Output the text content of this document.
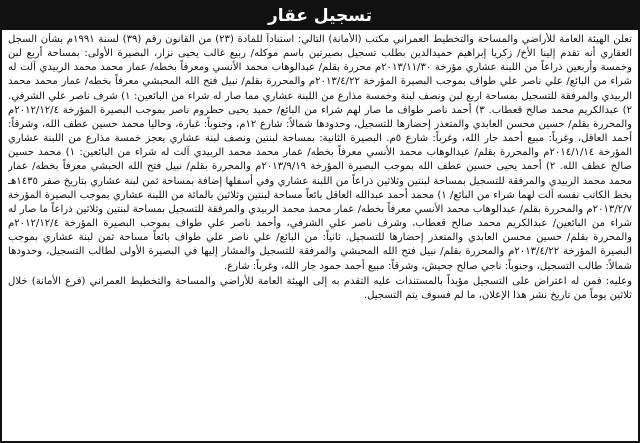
تسجيل عقار

تعلن الهيئة العامة للأراضي والمساحة والتخطيط العمراني مكتب (الأمانة) التالي: استناداً للمادة (٢٣) من القانون رقم (٣٩) لسنة ١٩٩١م بشأن السجل العقاري أنه تقدم إلينا الأخ/ زكريا إبراهيم حميدالدين بطلب تسجيل بصيرتين باسم موكله/ ربيع غالب يحيى نزار، البصيرة الأولى: بمساحة أربع لبن وخمسة وأربعين ذراعاً من اللبنة عشاري مؤرخة ٢٠١٣/١١/٣٠م محررة بقلم/ عبدالوهاب محمد الأنسي ومعرفاً بخطه/ عمار محمد محمد الربيدي آلت له شراء من البائع/ علي ناصر علي طواف بموجب البصيرة المؤرخة ٢٠١٣/٤/٢٢م والمحررة بقلم/ نبيل فتح الله المحبشي معرفاً بخطه/ عمار محمد محمد الربيدي والمرفقة للتسجيل بمساحة اربع لبن ونصف لبنة وخمسة مذارع من اللبنة عشاري مما صار له شراء من البائعين: ١) شرف ناصر علي الشرفي. ٢) عبدالكريم محمد صالح قعطاب. ٣) أحمد ناصر طواف ما صار لهم شراء من البائع/ حميد يحيى حطروم ناصر بموجب البصيرة المؤرخة ٢٠١٢/١٢/٤م والمحررة بقلم/ حسين محسن العابدي والمتعذر إحضارها للتسجيل، وحدودها شمالاً: شارع ١٢م، وجنوباً: غبارة، وحاليا محمد حسين عطف الله، وشرقاً: أحمد العاقل، وغرباً: مبيع أحمد جار الله، وغرباً: شارع ٥م. البصيرة الثانية: بمساحة لبنتين ونصف لبنة عشاري يعجز خمسة مذارع من اللبنة عشاري المؤرخة ٢٠١٤/١/١٤م والمحررة بقلم/ عبدالوهاب محمد الأنسي معرفاً بخطه/ عمار محمد محمد الربيدي آلت له شراء من البائعين: ١) محمد حسين صالح عطف الله. ٢) أحمد يحيى حسين عطف الله بموجب البصيرة المؤرخة ٢٠١٣/٩/١٩م والمحررة بقلم/ نبيل فتح الله الحبشي معرفاً بخطه/ عمار محمد محمد الربيدي والمرفقة للتسجيل بمساحة لبنتين وثلاثين ذراعاً من اللبنة عشاري وفي أسفلها إضافة بمساحة ثمن لبنة عشاري بتاريخ صفر ١٤٣٥هـ بخط الكاتب نفسه آلت لهما شراء من البائع/ ١) محمد أحمد عبدالله العاقل بائعاً مساحة لبنتين وثلاثين بالمائة من اللبنة عشاري بموجب البصيرة المؤرخة ٢٠١٣/٢/٧م والمحررة بقلم/ عبدالوهاب محمد الأنسي معرفاً بخطه/ عمار محمد محمد الربيدي والمرفقة للتسجيل بمساحة لبنتين وثلاثين ذراعاً ما صار له شراء من البائعين/ عبدالكريم محمد صالح قعطاب، وشرف ناصر علي الشرفي، وأحمد ناصر علي طواف بموجب البصيرة المؤرخة ٢٠١٢/١٢/٤م والمحررة بقلم/ حسين محسن العابدي والمتعذر إحضارها للتسجيل. ثانياً: من البائع/ علي ناصر علي طواف بائعاً مساحة ثمن لبنة عشاري بموجب البصيرة المؤرخة ٢٠١٣/٤/٢٢م والمحررة بقلم/ نبيل فتح الله المحبشي والمرفقة للتسجيل والمشار إليها في البصيرة الأولى لطالب التسجيل، وحدودها شمالاً: طالب التسجيل، وجنوباً: ناجي صالح جحيش، وشرقاً: مبيع أحمد حمود جار الله، وغرباً: شارع.

وعليه: فمن له اعتراض على التسجيل مؤيداً بالمستندات عليه التقدم به إلى الهيئة العامة للأراضي والمساحة والتخطيط العمراني (فرع الأمانة) خلال ثلاثين يوماً من تاريخ نشر هذا الإعلان، ما لم فسوف يتم التسجيل.
